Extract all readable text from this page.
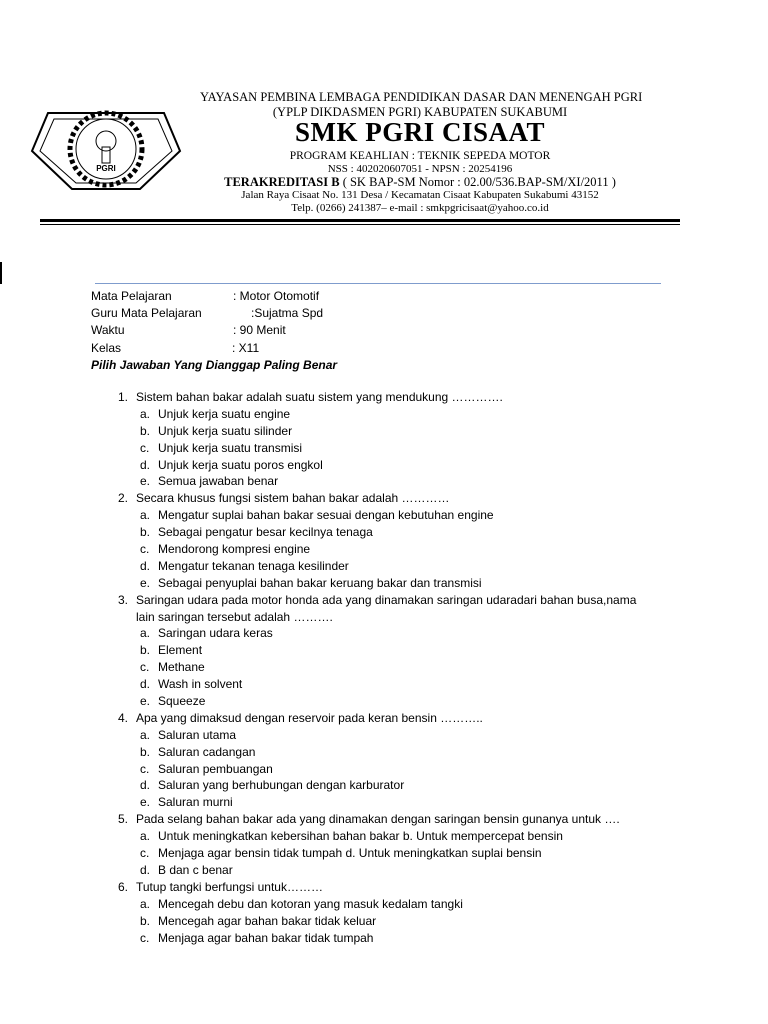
PGRI
YAYASAN PEMBINA LEMBAGA PENDIDIKAN DASAR DAN MENENGAH PGRI
(YPLP DIKDASMEN PGRI) KABUPATEN SUKABUMI
SMK PGRI CISAAT
PROGRAM KEAHLIAN : TEKNIK SEPEDA MOTOR
NSS : 402020607051 - NPSN : 20254196
TERAKREDITASI B ( SK BAP-SM Nomor : 02.00/536.BAP-SM/XI/2011 )
Jalan Raya Cisaat No. 131 Desa / Kecamatan Cisaat Kabupaten Sukabumi 43152
Telp. (0266) 241387– e-mail : smkpgricisaat@yahoo.co.id
Mata Pelajaran	: Motor Otomotif
Guru Mata Pelajaran	:Sujatma Spd
Waktu	: 90 Menit
Kelas	: X11
Pilih Jawaban Yang Dianggap Paling Benar
1. Sistem bahan bakar adalah suatu sistem yang mendukung ………….
a. Unjuk kerja suatu engine
b. Unjuk kerja suatu silinder
c. Unjuk kerja suatu transmisi
d. Unjuk kerja suatu poros engkol
e. Semua jawaban benar
2. Secara khusus fungsi sistem bahan bakar adalah …………
a. Mengatur suplai bahan bakar sesuai dengan kebutuhan engine
b. Sebagai pengatur besar kecilnya tenaga
c. Mendorong kompresi engine
d. Mengatur tekanan tenaga kesilinder
e. Sebagai penyuplai bahan bakar keruang bakar dan transmisi
3. Saringan udara pada motor honda ada yang dinamakan saringan udaradari bahan busa,nama
lain saringan tersebut adalah ……….
a. Saringan udara keras
b. Element
c. Methane
d. Wash in solvent
e. Squeeze
4. Apa yang dimaksud dengan reservoir pada keran bensin ………..
a. Saluran utama
b. Saluran cadangan
c. Saluran pembuangan
d. Saluran yang berhubungan dengan karburator
e. Saluran murni
5. Pada selang bahan bakar ada yang dinamakan dengan saringan bensin gunanya untuk ….
a. Untuk meningkatkan kebersihan bahan bakar b. Untuk mempercepat bensin
c. Menjaga agar bensin tidak tumpah d. Untuk meningkatkan suplai bensin
d. B dan c benar
6. Tutup tangki berfungsi untuk………
a. Mencegah debu dan kotoran yang masuk kedalam tangki
b. Mencegah agar bahan bakar tidak keluar
c. Menjaga agar bahan bakar tidak tumpah
